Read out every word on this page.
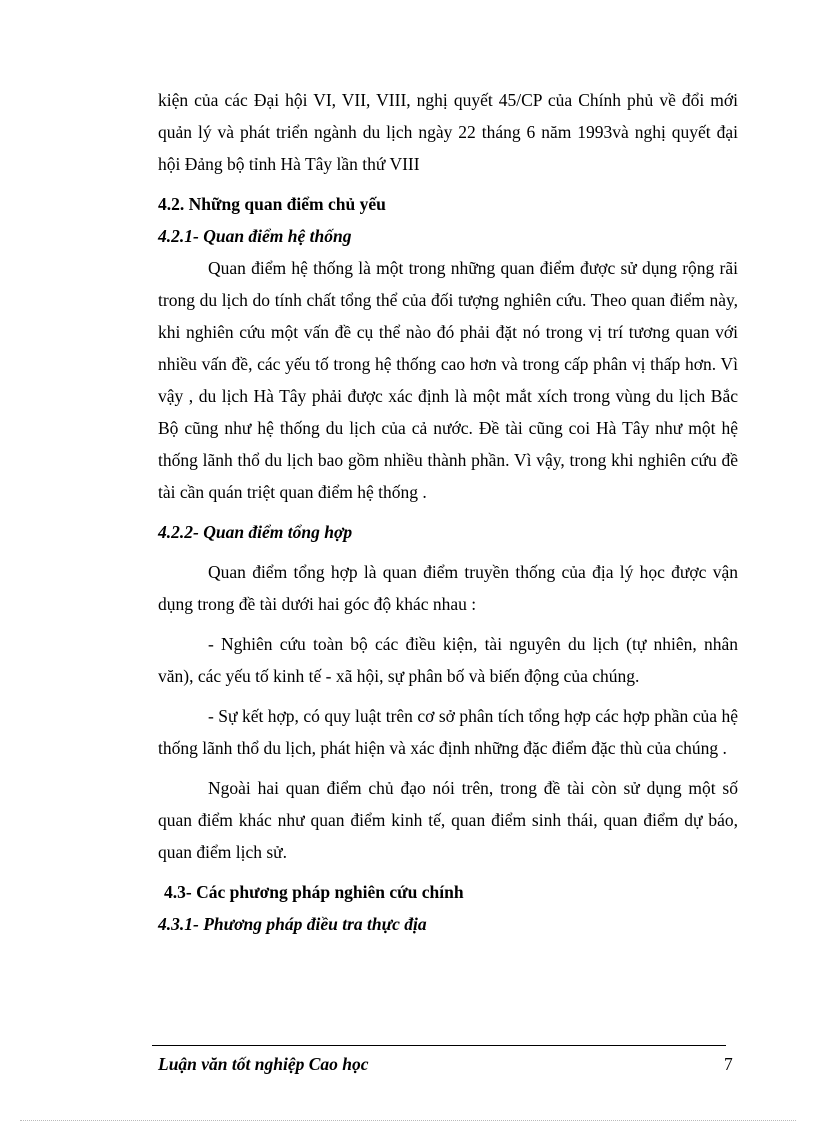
kiện của các Đại hội VI, VII, VIII, nghị quyết 45/CP của Chính phủ về đổi mới quản lý và phát triển ngành du lịch ngày 22 tháng 6 năm 1993và nghị quyết đại hội Đảng bộ tỉnh Hà Tây lần thứ VIII

4.2. Những quan điểm chủ yếu
4.2.1- Quan điểm hệ thống

Quan điểm hệ thống là một trong những quan điểm được sử dụng rộng rãi trong du lịch do tính chất tổng thể của đối tượng nghiên cứu. Theo quan điểm này, khi nghiên cứu một vấn đề cụ thể nào đó phải đặt nó trong vị trí tương quan với nhiều vấn đề, các yếu tố trong hệ thống cao hơn và trong cấp phân vị thấp hơn. Vì vậy , du lịch Hà Tây phải được xác định là một mắt xích trong vùng du lịch Bắc Bộ cũng như hệ thống du lịch của cả nước. Đề tài cũng coi Hà Tây như một hệ thống lãnh thổ du lịch bao gồm nhiều thành phần. Vì vậy, trong khi nghiên cứu đề tài cần quán triệt quan điểm hệ thống .

4.2.2- Quan điểm tổng hợp

Quan điểm tổng hợp là quan điểm truyền thống của địa lý học được vận dụng trong đề tài dưới hai góc độ khác nhau :

- Nghiên cứu toàn bộ các điều kiện, tài nguyên du lịch (tự nhiên, nhân văn), các yếu tố kinh tế - xã hội, sự phân bố và biến động của chúng.

- Sự kết hợp, có quy luật trên cơ sở phân tích tổng hợp các hợp phần của hệ thống lãnh thổ du lịch, phát hiện và xác định những đặc điểm đặc thù của chúng .

Ngoài hai quan điểm chủ đạo nói trên, trong đề tài còn sử dụng một số quan điểm khác như quan điểm kinh tế, quan điểm sinh thái, quan điểm dự báo, quan điểm lịch sử.

4.3- Các phương pháp nghiên cứu chính
4.3.1- Phương pháp điều tra thực địa
Luận văn tốt nghiệp Cao học	7
